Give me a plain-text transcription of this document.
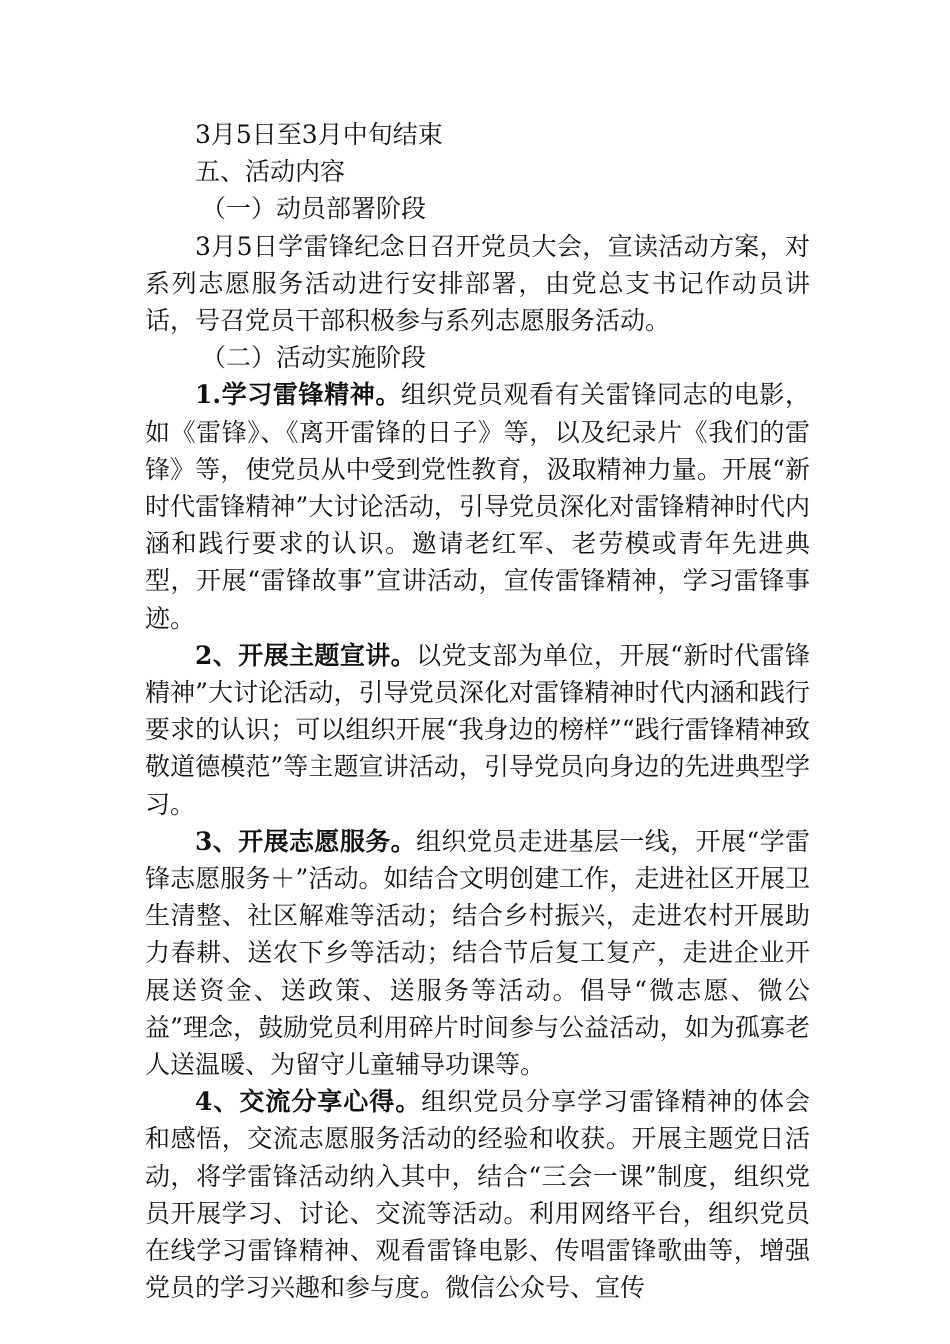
3月5日至3月中旬结束

五、活动内容

（一）动员部署阶段

3月5日学雷锋纪念日召开党员大会，宣读活动方案，对系列志愿服务活动进行安排部署，由党总支书记作动员讲话，号召党员干部积极参与系列志愿服务活动。

（二）活动实施阶段

1.学习雷锋精神。组织党员观看有关雷锋同志的电影，如《雷锋》、《离开雷锋的日子》等，以及纪录片《我们的雷锋》等，使党员从中受到党性教育，汲取精神力量。开展“新时代雷锋精神”大讨论活动，引导党员深化对雷锋精神时代内涵和践行要求的认识。邀请老红军、老劳模或青年先进典型，开展“雷锋故事”宣讲活动，宣传雷锋精神，学习雷锋事迹。

2、开展主题宣讲。以党支部为单位，开展“新时代雷锋精神”大讨论活动，引导党员深化对雷锋精神时代内涵和践行要求的认识；可以组织开展“我身边的榜样”“践行雷锋精神致敬道德模范”等主题宣讲活动，引导党员向身边的先进典型学习。

3、开展志愿服务。组织党员走进基层一线，开展“学雷锋志愿服务＋”活动。如结合文明创建工作，走进社区开展卫生清整、社区解难等活动；结合乡村振兴，走进农村开展助力春耕、送农下乡等活动；结合节后复工复产，走进企业开展送资金、送政策、送服务等活动。倡导“微志愿、微公益”理念，鼓励党员利用碎片时间参与公益活动，如为孤寡老人送温暖、为留守儿童辅导功课等。

4、交流分享心得。组织党员分享学习雷锋精神的体会和感悟，交流志愿服务活动的经验和收获。开展主题党日活动，将学雷锋活动纳入其中，结合“三会一课”制度，组织党员开展学习、讨论、交流等活动。利用网络平台，组织党员在线学习雷锋精神、观看雷锋电影、传唱雷锋歌曲等，增强党员的学习兴趣和参与度。微信公众号、宣传
